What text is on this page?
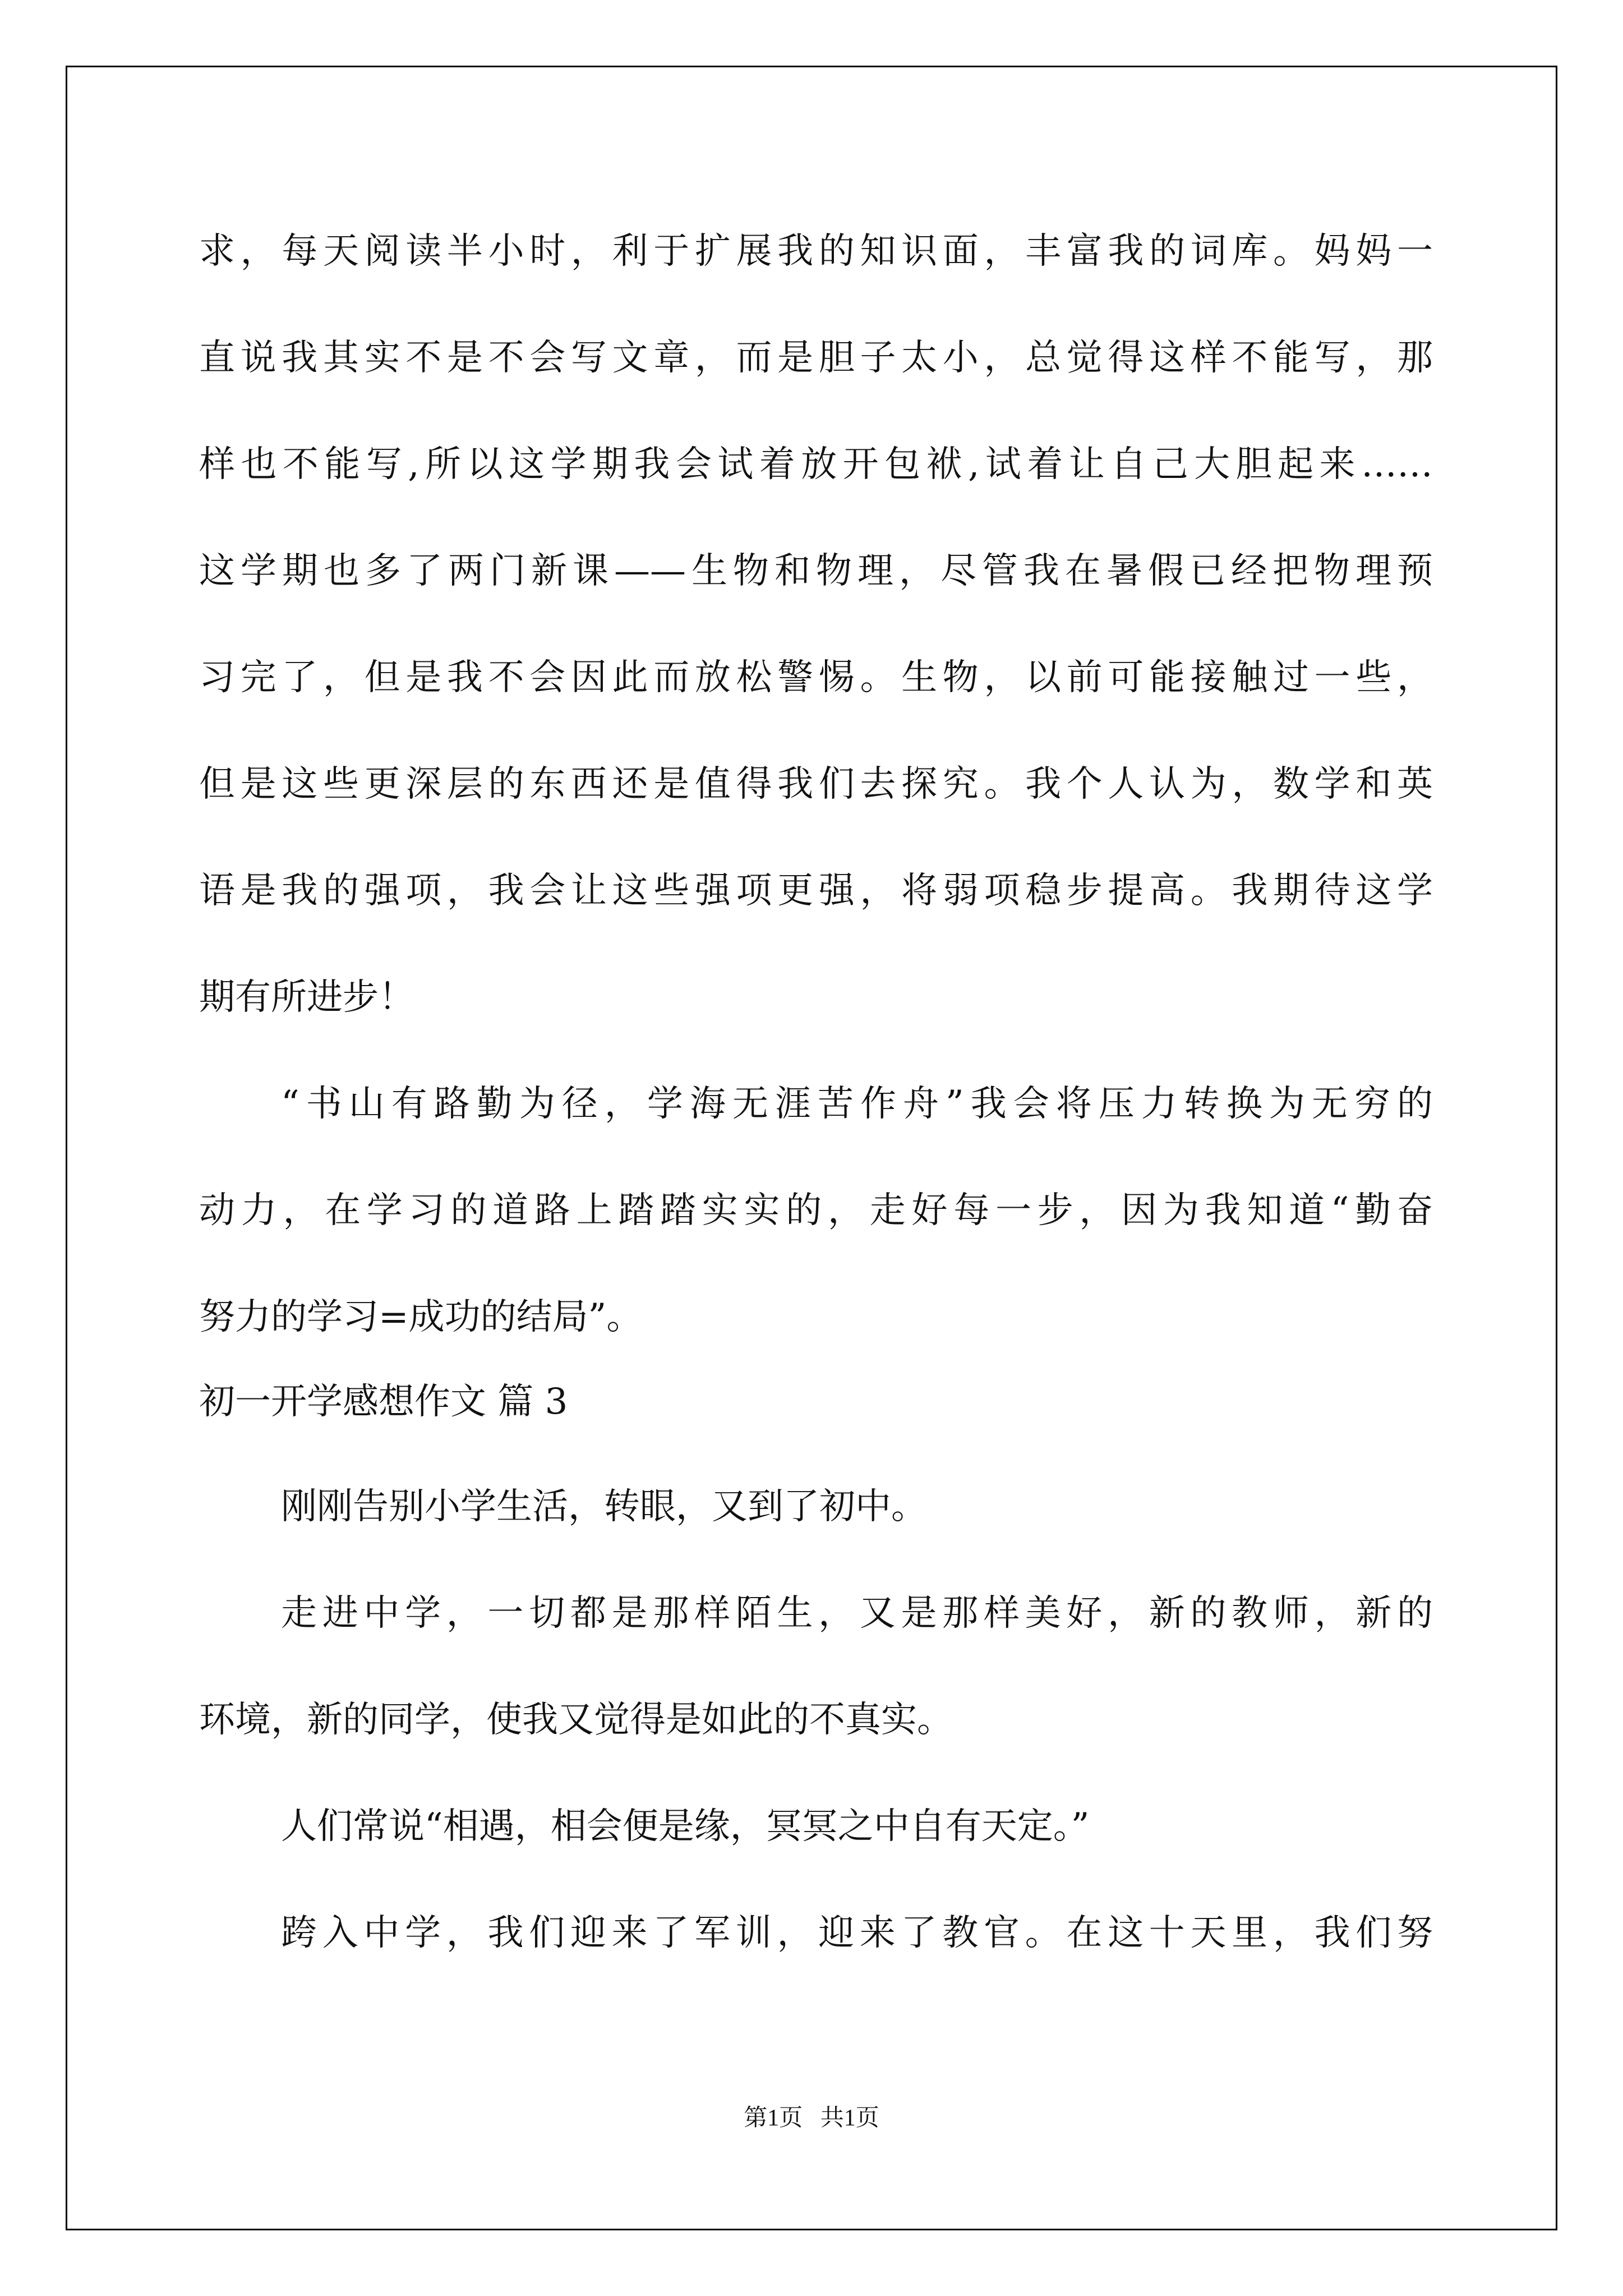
求，每天阅读半小时，利于扩展我的知识面，丰富我的词库。妈妈一
直说我其实不是不会写文章，而是胆子太小，总觉得这样不能写，那
样也不能写,所以这学期我会试着放开包袱,试着让自己大胆起来……
这学期也多了两门新课——生物和物理，尽管我在暑假已经把物理预
习完了，但是我不会因此而放松警惕。生物，以前可能接触过一些，
但是这些更深层的东西还是值得我们去探究。我个人认为，数学和英
语是我的强项，我会让这些强项更强，将弱项稳步提高。我期待这学
期有所进步！
“书山有路勤为径，学海无涯苦作舟”我会将压力转换为无穷的
动力，在学习的道路上踏踏实实的，走好每一步，因为我知道“勤奋
努力的学习=成功的结局”。
初一开学感想作文 篇 3
刚刚告别小学生活，转眼，又到了初中。
走进中学，一切都是那样陌生，又是那样美好，新的教师，新的
环境，新的同学，使我又觉得是如此的不真实。
人们常说“相遇，相会便是缘，冥冥之中自有天定。”
跨入中学，我们迎来了军训，迎来了教官。在这十天里，我们努
第1页   共1页
